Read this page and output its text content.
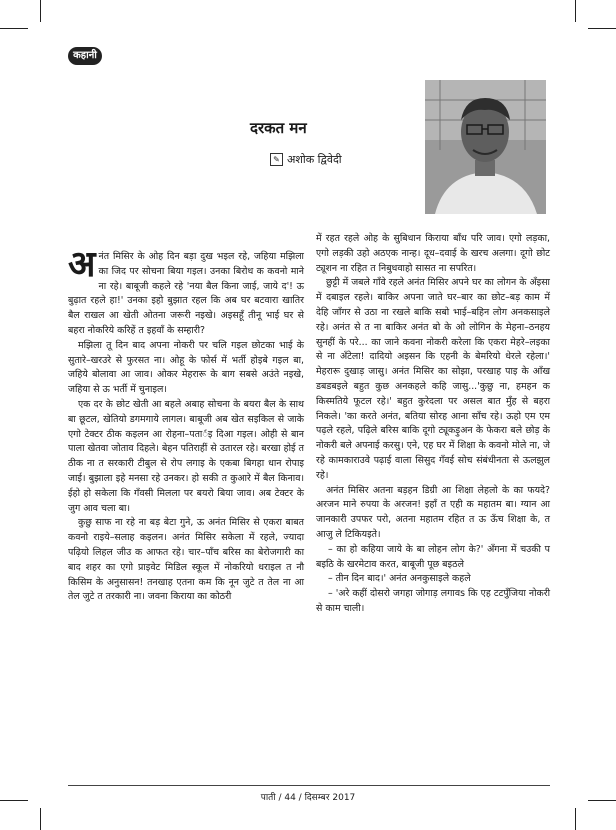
कहानी
दरकत मन
✎ अशोक द्विवेदी

अनंत मिसिर के ओह दिन बड़ा दुख भइल रहे, जहिया मझिला का जिद पर सोचना बिया गइल। उनका बिरोध क कवनो माने ना रहे। बाबूजी कहले रहे 'नया बैल किना जाई, जाये द'! ऊ बुढ़ात रहले हा!' उनका इहो बुझात रहल कि अब घर बटवारा खातिर बैल राखल आ खेती ओतना जरूरी नइखे। अइसहूँ तीनू भाई घर से बहरा नोकरिये करिहें त इहवाँ के सम्हारी?

मझिला तू दिन बाद अपना नोकरी पर चलि गइल छोटका भाई के सुतारे–खरउरे से फुरसत ना। ओहू के फोर्स में भर्ती होइबे गइल बा, जहिये बोलावा आ जाव। ओकर मेहरारू के बाग सबसे अउंते नइखे, जहिया से ऊ भर्ती में चुनाइल।

एक दर के छोट खेती आ बहले अबाह सोचना के बयरा बैल के साथ बा छूटल, खेतियो डगमगाये लागल। बाबूजी अब खेत सइकिल से जाके एगो टेक्टर ठीक कइलन आ रोहना–पतार्इ दिआ गइल। ओही से बान पाला खेतवा जोताव दिहले। बेहन पतिराहीं से उतारल रहे। बरखा होई त ठीक ना त सरकारी टीबुल से रोप लगाइ के एकबा बिगहा धान रोपाइ जाई। बुझाला इहे मनसा रहे उनकर। हो सकी त कुआरे में बैल किनाव। ईहो हो सकेला कि गँवसी मिलला पर बयरो बिया जाव। अब टेक्टर के जुग आव चला बा।

कुछु साफ ना रहे ना बड़ बेटा गुने, ऊ अनंत मिसिर से एकरा बाबत कवनो राइये–सलाह कइलन। अनंत मिसिर सकेला में रहले, ज्यादा पढ़ियो लिहल जीउ क आफत रहे। चार–पाँच बरिस का बेरोजगारी का बाद शहर का एगो प्राइवेट मिडिल स्कूल में नोकरियो धराइल त नौ किसिम के अनुसासन! तनखाह एतना कम कि नून जुटे त तेल ना आ तेल जुटे त तरकारी ना। जवना किराया का कोठरी

में रहत रहले ओह के सुबिधान किराया बाँध परि जाव। एगो लड़का, एगो लड़की उहो अठएक नान्ह। दूध–दवाई के खरच अलगा। दूगो छोट ट्यूशन ना रहित त निबुधवाहो सासत ना सपरित।

छुट्टी में जबले गाँवे रहले अनंत मिसिर अपने घर का लोगन के अँइसा में दबाइल रहले। बाकिर अपना जाते घर–बार का छोट–बड़ काम में देहि जाँगर से उठा ना रखले बाकि सबो भाई–बहिन लोग अनकसाइले रहे। अनंत से त ना बाकिर अनंत बो के ओ लोगिन के मेहना–ठनहय सुनहीं के परे... का जाने कवना नोकरी करेला कि एकरा मेहरे–लइका से ना अँटेला! दादियो अइसन कि एहनी के बेमरियो धेरले रहेला।' मेहरारू दुखाड़ जासु। अनंत मिसिर का सोझा, परखाह पाइ के आँख डबडबइले बहुत कुछ अनकहले कहि जासु...'कुछु ना, हमहन क किस्मतिये फूटल रहे।' बहुत कुरेदला पर असल बात मुँह से बहरा निकले। 'का करते अनंत, बतिया सोरह आना साँच रहे। ऊहो एम एम पढ़ले रहले, पढ़िले बरिस बाकि दूगो ट्यूकड़ुअन के फेकरा बले छोड़ के नोकरी बले अपनाई करसु। एने, एह घर में शिक्षा के कवनो मोले ना, जे रहे कामकाराउवे पढ़ाई वाला सिसुद गँवई सोच संबंधीनता से ऊलझुल रहे।

अनंत मिसिर अतना बड़हन डिग्री आ शिक्षा लेहलो के का फयदे? अरजन माने रुपया के अरजन! इहाँ त एही क महातम बा। ग्यान आ जानकारी उपफर परो, अतना महातम रहित त ऊ ऊँच शिक्षा के, त आजु ले टिकियइते।

– का हो कहिया जाये के बा लोहन लोग के?' अँगना में चउकी प बइठि के खरमेटाव करत, बाबूजी पूछ बइठले

– तीन दिन बाद।' अनंत अनकुसाइले कहले

– 'अरे कहीं दोसरो जगहा जोगाड़ लगावs कि एह टटपुँजिया नोकरी से काम चाली।

पाती / 44 / दिसम्बर 2017
